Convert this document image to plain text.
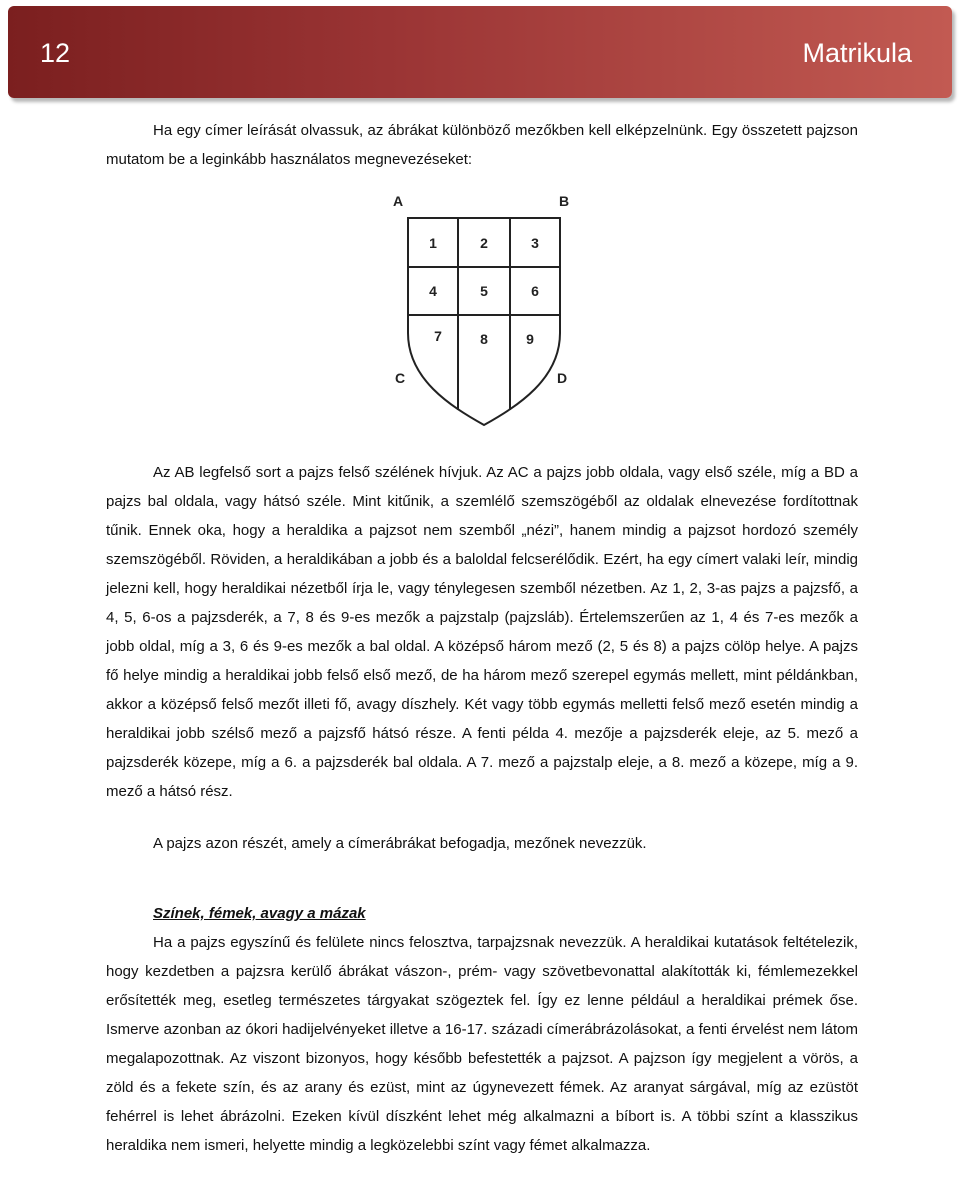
12	Matrikula

Ha egy címer leírását olvassuk, az ábrákat különböző mezőkben kell elképzelnünk. Egy összetett pajzson mutatom be a leginkább használatos megnevezéseket:

A	B
C	D
1	2	3
4	5	6
7	8	9

Az AB legfelső sort a pajzs felső szélének hívjuk. Az AC a pajzs jobb oldala, vagy első széle, míg a BD a pajzs bal oldala, vagy hátsó széle. Mint kitűnik, a szemlélő szemszögéből az oldalak elnevezése fordítottnak tűnik. Ennek oka, hogy a heraldika a pajzsot nem szemből „nézi”, hanem mindig a pajzsot hordozó személy szemszögéből. Röviden, a heraldikában a jobb és a baloldal felcserélődik. Ezért, ha egy címert valaki leír, mindig jelezni kell, hogy heraldikai nézetből írja le, vagy ténylegesen szemből nézetben. Az 1, 2, 3-as pajzs a pajzsfő, a 4, 5, 6-os a pajzsderék, a 7, 8 és 9-es mezők a pajzstalp (pajzsláb). Értelemszerűen az 1, 4 és 7-es mezők a jobb oldal, míg a 3, 6 és 9-es mezők a bal oldal. A középső három mező (2, 5 és 8) a pajzs cölöp helye. A pajzs fő helye mindig a heraldikai jobb felső első mező, de ha három mező szerepel egymás mellett, mint példánkban, akkor a középső felső mezőt illeti fő, avagy díszhely. Két vagy több egymás melletti felső mező esetén mindig a heraldikai jobb szélső mező a pajzsfő hátsó része. A fenti példa 4. mezője a pajzsderék eleje, az 5. mező a pajzsderék közepe, míg a 6. a pajzsderék bal oldala. A 7. mező a pajzstalp eleje, a 8. mező a közepe, míg a 9. mező a hátsó rész.

A pajzs azon részét, amely a címerábrákat befogadja, mezőnek nevezzük.

Színek, fémek, avagy a mázak

Ha a pajzs egyszínű és felülete nincs felosztva, tarpajzsnak nevezzük. A heraldikai kutatások feltételezik, hogy kezdetben a pajzsra kerülő ábrákat vászon-, prém- vagy szövetbevonattal alakították ki, fémlemezekkel erősítették meg, esetleg természetes tárgyakat szögeztek fel. Így ez lenne például a heraldikai prémek őse. Ismerve azonban az ókori hadijelvényeket illetve a 16-17. századi címerábrázolásokat, a fenti érvelést nem látom megalapozottnak. Az viszont bizonyos, hogy később befestették a pajzsot. A pajzson így megjelent a vörös, a zöld és a fekete szín, és az arany és ezüst, mint az úgynevezett fémek. Az aranyat sárgával, míg az ezüstöt fehérrel is lehet ábrázolni. Ezeken kívül díszként lehet még alkalmazni a bíbort is. A többi színt a klasszikus heraldika nem ismeri, helyette mindig a legközelebbi színt vagy fémet alkalmazza.
